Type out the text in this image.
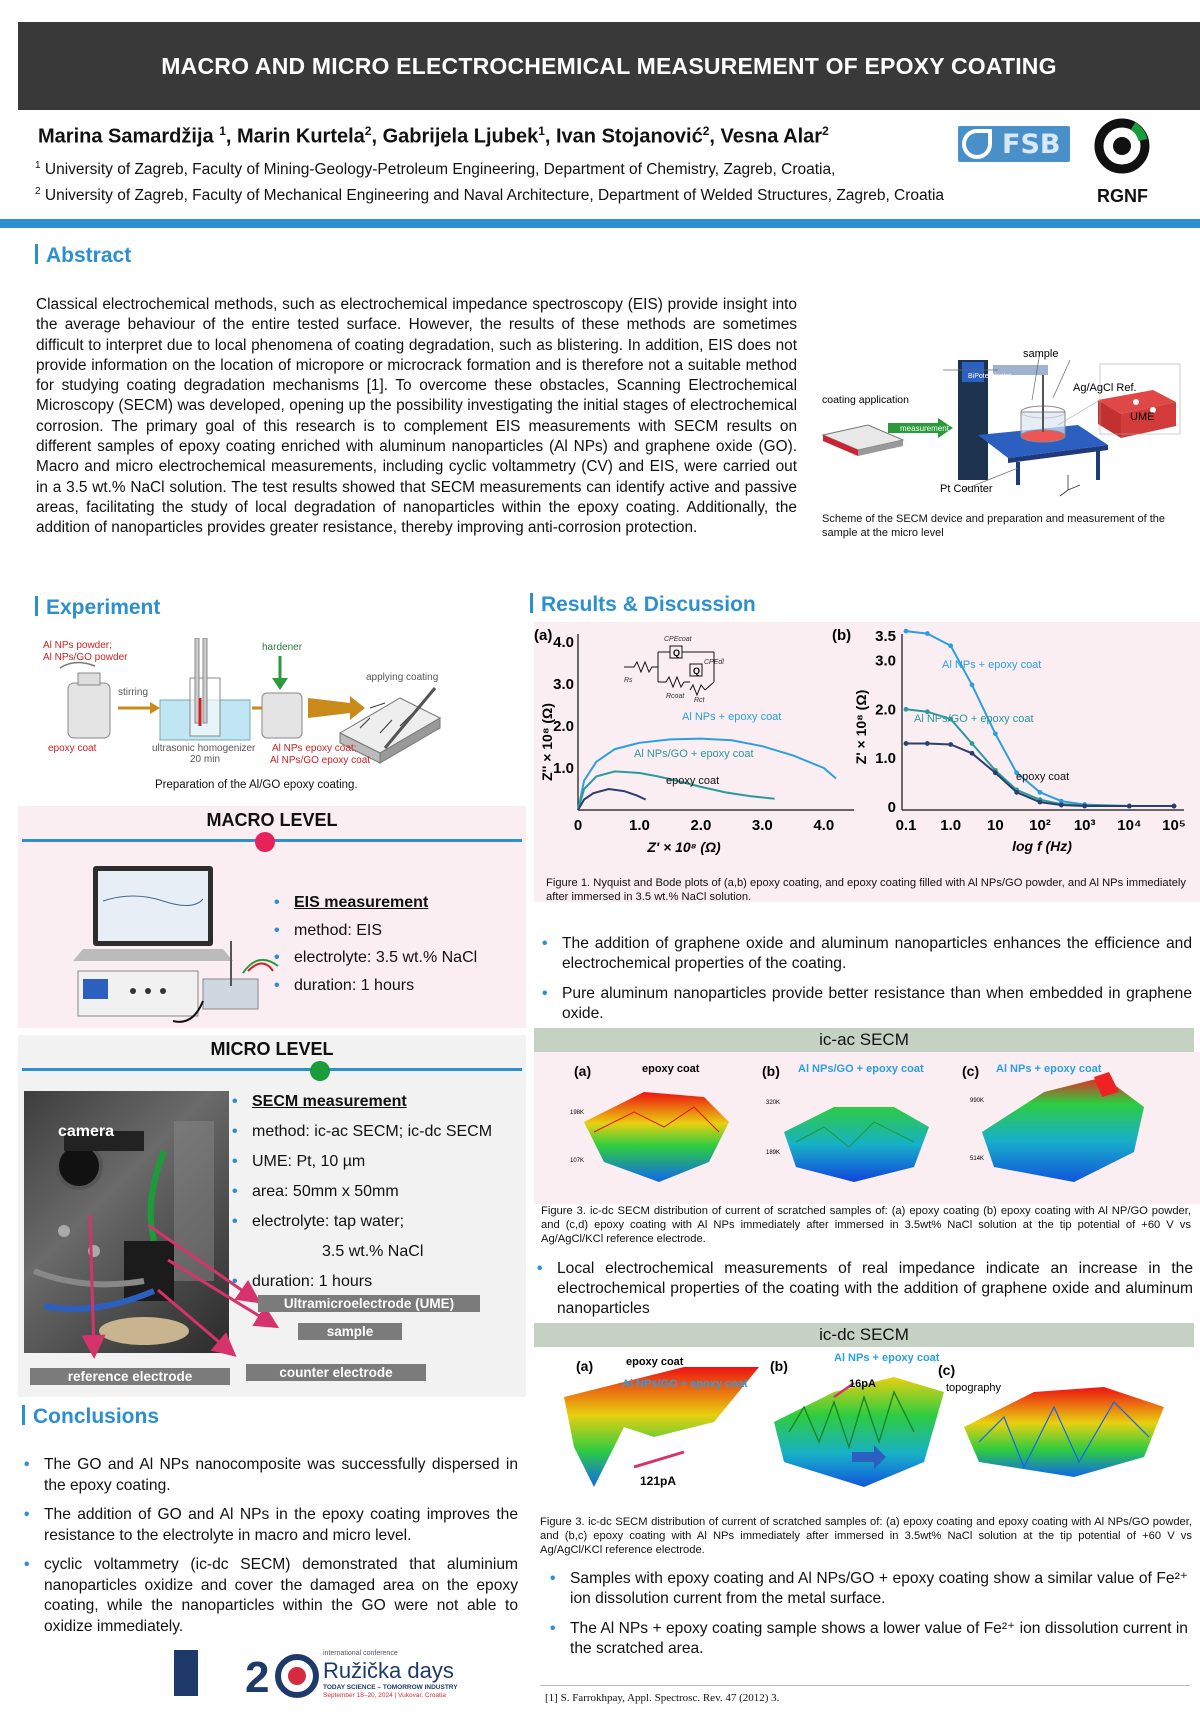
MACRO AND MICRO ELECTROCHEMICAL MEASUREMENT OF EPOXY COATING
Marina Samardžija $^1$, Marin Kurtela$^2$, Gabrijela Ljubek$^1$, Ivan Stojanović$^2$, Vesna Alar$^2$
$^1$ University of Zagreb, Faculty of Mining-Geology-Petroleum Engineering, Department of Chemistry, Zagreb, Croatia,
$^2$ University of Zagreb, Faculty of Mechanical Engineering and Naval Architecture, Department of Welded Structures, Zagreb, Croatia
FSB
RGNF
Abstract
Classical electrochemical methods, such as electrochemical impedance spectroscopy (EIS) provide insight into the average behaviour of the entire tested surface. However, the results of these methods are sometimes difficult to interpret due to local phenomena of coating degradation, such as blistering. In addition, EIS does not provide information on the location of micropore or microcrack formation and is therefore not a suitable method for studying coating degradation mechanisms [1]. To overcome these obstacles, Scanning Electrochemical Microscopy (SECM) was developed, opening up the possibility investigating the initial stages of electrochemical corrosion. The primary goal of this research is to complement EIS measurements with SECM results on different samples of epoxy coating enriched with aluminum nanoparticles (Al NPs) and graphene oxide (GO). Macro and micro electrochemical measurements, including cyclic voltammetry (CV) and EIS, were carried out in a 3.5 wt.% NaCl solution. The test results showed that SECM measurements can identify active and passive areas, facilitating the study of local degradation of nanoparticles within the epoxy coating. Additionally, the addition of nanoparticles provides greater resistance, thereby improving anti-corrosion protection.
sample
coating application
measurement
BiPotentiostat
Ag/AgCl Ref.
UME
Pt Counter
Scheme of the SECM device and preparation and measurement of the sample at the micro level
Experiment
Al NPs powder;
Al NPs/GO powder
stirring
epoxy coat	ultrasonic homogenizer
20 min
hardener
Al NPs epoxy coat;
Al NPs/GO epoxy coat
applying coating
Preparation of the Al/GO epoxy coating.
MACRO LEVEL
• EIS measurement
• method: EIS
• electrolyte: 3.5 wt.% NaCl
• duration: 1 hours
MICRO LEVEL
camera
Ultramicroelectrode (UME)
sample
reference electrode	counter electrode
• SECM measurement
• method: ic-ac SECM; ic-dc SECM
• UME: Pt, 10 µm
• area: 50mm x 50mm
• electrolyte: tap water;
3.5 wt.% NaCl
• duration: 1 hours
Conclusions
• The GO and Al NPs nanocomposite was successfully dispersed in the epoxy coating.
• The addition of GO and Al NPs in the epoxy coating improves the resistance to the electrolyte in macro and micro level.
• cyclic voltammetry (ic-dc SECM) demonstrated that aluminium nanoparticles oxidize and cover the damaged area on the epoxy coating, while the nanoparticles within the GO were not able to oxidize immediately.
2	international conference
Ružička days
TODAY SCIENCE – TOMORROW INDUSTRY
September 18–20, 2024 | Vukovar, Croatia
Results & Discussion
(a)
1.0
2.0
3.0
4.0
0	1.0	2.0	3.0	4.0
Z'' × 10⁸ (Ω)
Z' × 10⁸ (Ω)
Q
Q
CPEcoat
CPEdl
Rs
Rcoat
Rct
Al NPs + epoxy coat
Al NPs/GO + epoxy coat
epoxy coat
(b)
0
1.0
2.0
3.0
3.5
0.1 1.0 10 10² 10³ 10⁴ 10⁵
Z' × 10⁸ (Ω)
log f (Hz)
Al NPs + epoxy coat
Al NPs/GO + epoxy coat
epoxy coat
Figure 1. Nyquist and Bode plots of (a,b) epoxy coating, and epoxy coating filled with Al NPs/GO powder, and Al NPs immediately after immersed in 3.5 wt.% NaCl solution.
• The addition of graphene oxide and aluminum nanoparticles enhances the efficience and electrochemical properties of the coating.
• Pure aluminum nanoparticles provide better resistance than when embedded in graphene oxide.
ic-ac SECM
(a)	epoxy coat
198K
107K
(b) Al NPs/GO + epoxy coat
320K
189K
(c) Al NPs + epoxy coat
990K
514K
Figure 3. ic-dc SECM distribution of current of scratched samples of: (a) epoxy coating (b) epoxy coating with Al NP/GO powder, and (c,d) epoxy coating with Al NPs immediately after immersed in 3.5wt% NaCl solution at the tip potential of +60 V vs Ag/AgCl/KCl reference electrode.
• Local electrochemical measurements of real impedance indicate an increase in the electrochemical properties of the coating with the addition of graphene oxide and aluminum nanoparticles
ic-dc SECM
(a)	epoxy coat
Al NPs/GO + epoxy coat
121pA
(b)	Al NPs + epoxy coat
16pA
(c)
topography
Figure 3. ic-dc SECM distribution of current of scratched samples of: (a) epoxy coating and epoxy coating with Al NPs/GO powder, and (b,c) epoxy coating with Al NPs immediately after immersed in 3.5wt% NaCl solution at the tip potential of +60 V vs Ag/AgCl/KCl reference electrode.
• Samples with epoxy coating and Al NPs/GO + epoxy coating show a similar value of Fe²⁺ ion dissolution current from the metal surface.
• The Al NPs + epoxy coating sample shows a lower value of Fe²⁺ ion dissolution current in the scratched area.
[1] S. Farrokhpay, Appl. Spectrosc. Rev. 47 (2012) 3.
